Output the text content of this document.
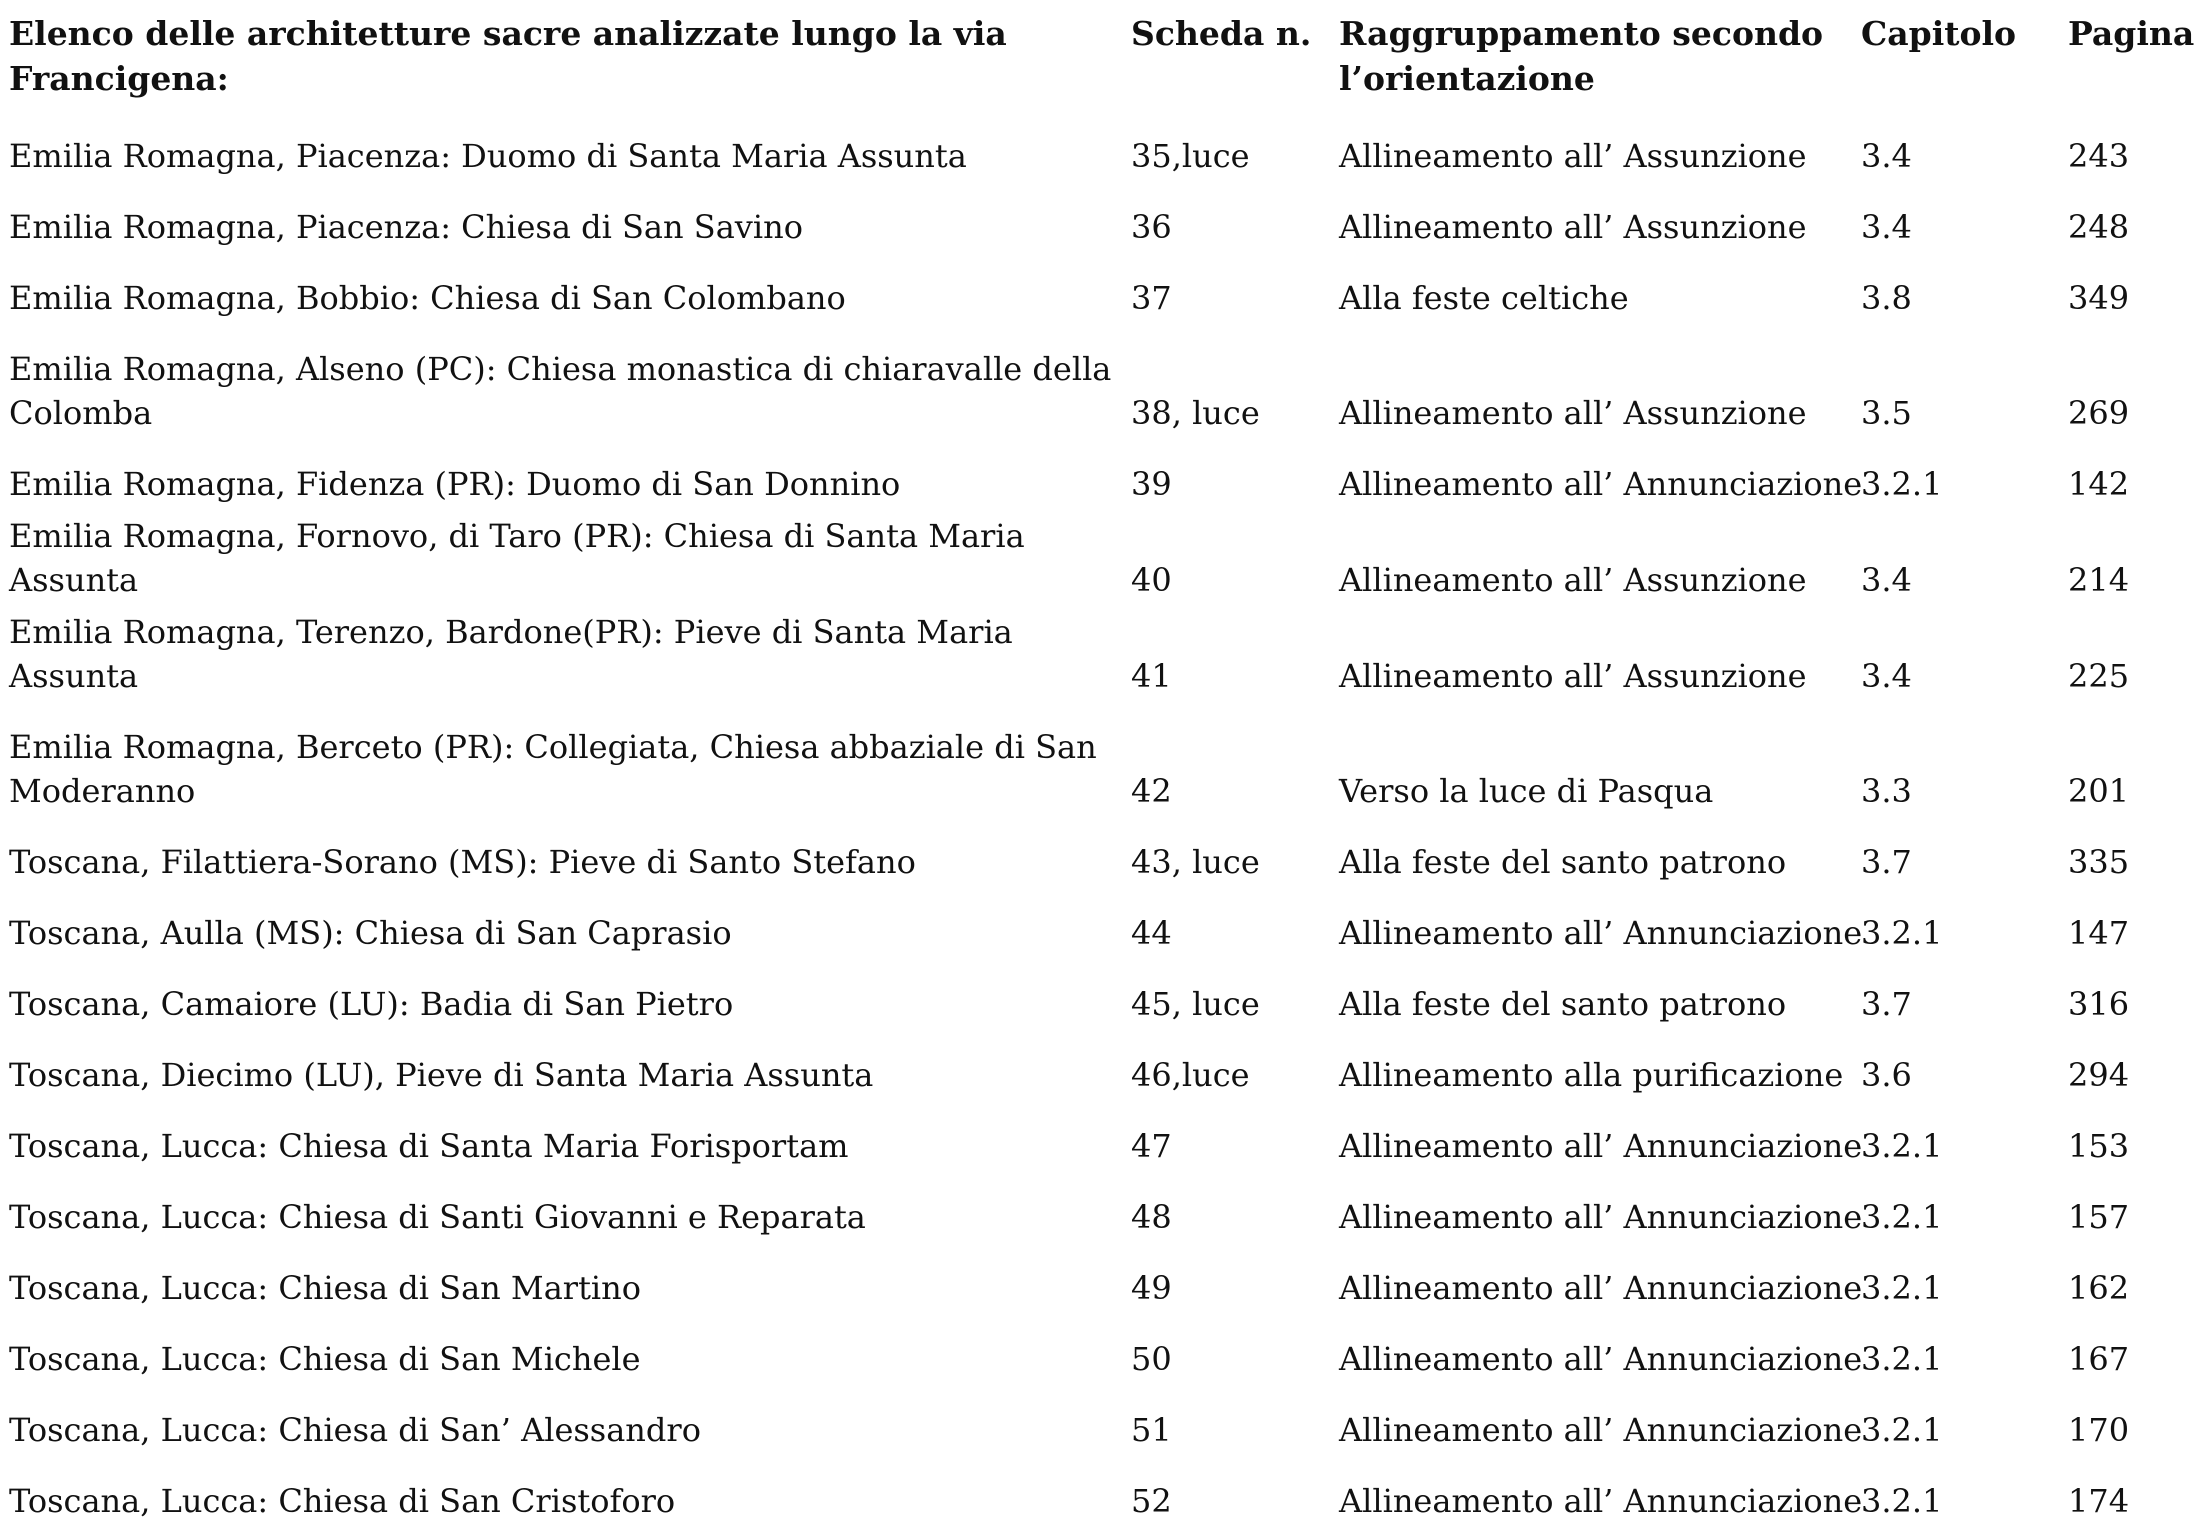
Elenco delle architetture sacre analizzate lungo la via Francigena:	Scheda n.	Raggruppamento secondo l’orientazione	Capitolo	Pagina
Emilia Romagna, Piacenza: Duomo di Santa Maria Assunta	35,luce	Allineamento all’ Assunzione	3.4	243
Emilia Romagna, Piacenza: Chiesa di San Savino	36	Allineamento all’ Assunzione	3.4	248
Emilia Romagna, Bobbio: Chiesa di San Colombano	37	Alla feste celtiche	3.8	349
Emilia Romagna, Alseno (PC): Chiesa monastica di chiaravalle della Colomba	38, luce	Allineamento all’ Assunzione	3.5	269
Emilia Romagna, Fidenza (PR): Duomo di San Donnino	39	Allineamento all’ Annunciazione	3.2.1	142
Emilia Romagna, Fornovo, di Taro (PR): Chiesa di Santa Maria Assunta	40	Allineamento all’ Assunzione	3.4	214
Emilia Romagna, Terenzo, Bardone(PR): Pieve di Santa Maria Assunta	41	Allineamento all’ Assunzione	3.4	225
Emilia Romagna, Berceto (PR): Collegiata, Chiesa abbaziale di San Moderanno	42	Verso la luce di Pasqua	3.3	201
Toscana, Filattiera-Sorano (MS): Pieve di Santo Stefano	43, luce	Alla feste del santo patrono	3.7	335
Toscana, Aulla (MS): Chiesa di San Caprasio	44	Allineamento all’ Annunciazione	3.2.1	147
Toscana, Camaiore (LU): Badia di San Pietro	45, luce	Alla feste del santo patrono	3.7	316
Toscana, Diecimo (LU), Pieve di Santa Maria Assunta	46,luce	Allineamento alla purificazione	3.6	294
Toscana, Lucca: Chiesa di Santa Maria Forisportam	47	Allineamento all’ Annunciazione	3.2.1	153
Toscana, Lucca: Chiesa di Santi Giovanni e Reparata	48	Allineamento all’ Annunciazione	3.2.1	157
Toscana, Lucca: Chiesa di San Martino	49	Allineamento all’ Annunciazione	3.2.1	162
Toscana, Lucca: Chiesa di San Michele	50	Allineamento all’ Annunciazione	3.2.1	167
Toscana, Lucca: Chiesa di San’ Alessandro	51	Allineamento all’ Annunciazione	3.2.1	170
Toscana, Lucca: Chiesa di San Cristoforo	52	Allineamento all’ Annunciazione	3.2.1	174
